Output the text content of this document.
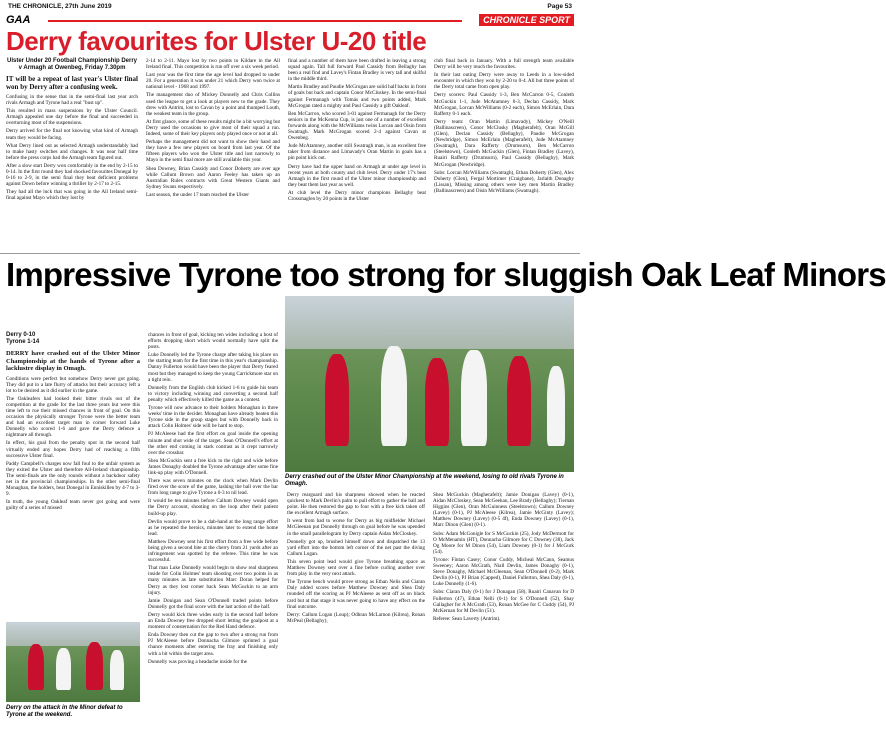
THE CHRONICLE, 27th June 2019	Page 53
GAA	CHRONICLE SPORT
Derry favourites for Ulster U-20 title
Ulster Under 20 Football Championship Derry v Armagh at Owenbeg, Friday 7.30pm
IT will be a repeat of last year's Ulster final won by Derry after a confusing week.

Confusing in the sense that in the semi-final last year arch rivals Armagh and Tyrone had a real "bust up".

This resulted in mass suspensions by the Ulster Council. Armagh appealed one day before the final and succeeded in overturning most of the suspensions.

Derry arrived for the final not knowing what kind of Armagh team they would be facing.

What Derry lined out as selected Armagh understandably had to make hasty switches and changes. It was near half time before the press corps had the Armagh team figured out.

After a slow start Derry won comfortably in the end by 2-15 to 0-14. In the first round they had shocked favourites Donegal by 0-16 to 2-9, in the semi final they beat deficient problems against Down before winning a thriller by 2-17 to 2-15.

They had all the luck that was going in the All Ireland semi-final against Mayo which they lost by

2-14 to 2-11. Mayo lost by two points to Kildare in the All Ireland final. This competition is run off over a six week period.

Last year was the first time the age level had dropped to under 20. For a generation it was under 21 which Derry won twice at national level - 1968 and 1997.

The management duo of Mickey Donnelly and Chris Collins used the league to get a look at players new to the grade. They drew with Antrim, lost to Cavan by a point and thumped Louth, the weakest team in the group.

At first glance, some of these results might be a bit worrying but Derry used the occasions to give most of their squad a run. Indeed, some of their key players only played once or not at all.

Perhaps the management did not want to show their hand and they have a few new players on board from last year. Of the fifteen players who won the Ulster title and lost narrowly to Mayo in the semi final more are still available this year.

Shea Downey, Brian Cassidy and Conor Doherty are over age while Callum Brown and Aaron Feeley has taken up an Australian Rules contracts with Great Western Giants and Sydney Swans respectively.

Last season, the under 17 team reached the Ulster

final and a number of them have been drafted in leaving a strong squad again. Tall full forward Paul Cassidy from Bellaghy has been a real find and Lavey's Fintan Bradley is very tall and skilful in the middle third.

Martin Bradley and Paudie McGrogan are solid half backs in front of goals but back and captain Conor McCluskey. In the semi-final against Fermanagh with Tomás and two points added, Mark McGrogan rated a mighty and Paul Cassidy a gift Oakleaf.

Ben McCarron, who scored 3-01 against Fermanagh for the Derry seniors in the McKenna Cup, is just one of a number of excellent forwards along with the McWilliams twins Lorcan and Oisin from Swatragh. Mark McGrogan scored 2-4 against Cavan at Owenbeg.

Jude McAtamney, another still Swatragh man, is an excellent free taker from distance and Limavady's Oran Martin in goals has a pin point kick out.

Derry have had the upper hand on Armagh at under age level in recent years at both county and club level. Derry under 17's beat Armagh in the first round of the Ulster minor championship and they beat them last year as well.

At club level the Derry minor champions Bellaghy beat Crossmaglen by 20 points in the Ulster

club final back in January. With a full strength team available Derry will be very much the favourites.

In their last outing Derry were away to Leeds in a low-sided encounter in which they won by 2-20 to 0-4. All but three points of the Derry total came from open play.

Derry scorers: Paul Cassidy 1-3, Ben McCarron 0-5, Conleth McGuckin 1-1, Jude McAtamney 0-3, Declan Cassidy, Mark McGrogan, Lorcan McWilliams (0-2 each), Simon McErlain, Dara Rafferty 0-1 each.

Derry team: Oran Martin (Limavady), Mickey O'Neill (Ballinascreen), Conor McClusky (Magherafelt), Oran McGill (Glen), Declan Cassidy (Bellaghy), Paudie McGrogan (Newbridge), Simon McErlain (Magherafelt), Jude McAtamney (Swatragh), Dara Rafferty (Drumsurn), Ben McCarron (Steelstown), Conleth McGuckin (Glen), Fintan Bradley (Lavey), Ruairi Rafferty (Drumsurn), Paul Cassidy (Bellaghy), Mark McGrogan (Newbridge).

Subs: Lorcan McWilliams (Swatragh), Ethan Doherty (Glen), Alex Doherty (Glen), Fergal Mortimer (Craigbane), Jarlaith Donaghy (Lissan), Missing among others were key men Martin Bradley (Ballinascreen) and Oisin McWilliams (Swatragh).

Impressive Tyrone too strong for sluggish Oak Leaf Minors
Derry 0-10
Tyrone 1-14
DERRY have crashed out of the Ulster Minor Championship at the hands of Tyrone after a lacklustre display in Omagh.

Conditions were perfect but somehow Derry never got going. They did put in a late flurry of attacks but their accuracy left a lot to be desired as it did earlier in the game.

The Oakleafers had looked their bitter rivals out of the competition at the grade for the last three years but were this time left to rue their missed chances in front of goal. On this occasion the physically stronger Tyrone were the better team and had an excellent target man in corner forward Luke Donnelly who scored 1-6 and gave the Derry defence a nightmare all through.

In effect, his goal from the penalty spot in the second half virtually ended any hopes Derry had of reaching a fifth successive Ulster final.

Paddy Campbell's charges now fall foul to the unfair system as they exited the Ulster and therefore All-Ireland championship. The semi-finals are the only rounds without a backdoor safety net in the provincial championships. In the other semi-final Monaghan, the holders, beat Donegal in Enniskillen by 4-7 to 3-9.

In truth, the young Oakleaf team never got going and were guilty of a series of missed

Derry on the attack in the Minor defeat to Tyrone at the weekend.

chances in front of goal, kicking ten wides including a host of efforts dropping short which would normally have split the posts.

Luke Donnelly led the Tyrone charge after taking his place on the starting team for the first time in this year's championship. Danny Fullerton would have been the player that Derry feared most but they managed to keep the young Carrickmore star on a tight rein.

Donnelly from the English club kicked 1-6 to guide his team to victory including winning and converting a second half penalty which effectively killed the game as a contest.

Tyrone will now advance to their holders Monaghan in three weeks' time in the decider. Monaghan have already beaten this Tyrone side in the group stages but with Donnelly back in attack Colin Holmes' side will be hard to stop.

PJ McAleese had the first effort on goal inside the opening minute and shot wide of the target. Sean O'Donnell's effort at the other end coming in stark contrast as it crept narrowly over the crossbar.

Shea McGuckin sent a free kick to the right and wide before James Donaghy doubled the Tyrone advantage after some fine link-up play with O'Donnell.

There was seven minutes on the clock when Mark Devlin fired over the score of the game, lashing the ball over the bar from long range to give Tyrone a 0-3 to nil lead.

It would be ten minutes before Callum Downey would open the Derry account, shooting on the loop after their patient build-up play.

Devlin would prove to be a dab-hand at the long range effort as he repeated the heroics, minutes later to extend the home lead.

Matthew Downey sent his first effort from a free wide before being given a second bite at the cherry from 21 yards after an infringement was spotted by the referee. This time he was successful.

That man Luke Donnelly would begin to show real sharpness inside for Colin Holmes' team shooting over two points in as many minutes as late substitution Marc Doran helped for Derry as they lost corner back Sean McGuckin to an arm injury.

Jamie Donigan and Sean O'Donnell traded points before Donnelly got the final score with the last action of the half.

Derry would kick three wides early in the second half before an Enda Downey free dropped short letting the goalpost at a moment of consternation for the Red Hand defence.

Enda Downey then cut the gap to two after a strong run from PJ McAleese before Donnacha Gilmore sprinted a goal chance moments after entering the fray and finishing only with a hit within the target area.

Donnelly was proving a headache inside for the

Derry crashed out of the Ulster Minor Championship at the weekend, losing to old rivals Tyrone in Omagh.

Derry rearguard and his sharpness showed when he reacted quickest to Mark Devlin's palm to pull effort to gather the ball and point. He then restored the gap to four with a free kick taken off the excellent Armagh surface.

It went from bad to worse for Derry as big midfielder Michael McGleenan put Donnelly through on goal before he was upended in the small parallelogram by Derry captain Aidan McCloskey.

Donnelly got up, brushed himself down and dispatched the 13 yard effort into the bottom left corner of the net past the diving Callum Logan.

This seven point lead would give Tyrone breathing space as Matthew Downey sent over a fine before curling another over from play in the very next attack.

The Tyrone bench would prove strong as Ethan Nelis and Ciaran Daly added scores before Matthew Downey and Shea Daly rounded off the scoring as PJ McAleese as sent off as on black card but at that stage it was never going to have any effect on the final outcome.

Derry: Callum Logan (Loup); Odhran McLarnon (Kilrea), Ronan McPeal (Bellaghy),

Shea McGuckin (Magherafelt); Jamie Donigan (Lavey) (0-1), Aidan McCloskey, Sean McGeehan, Lee Brady (Bellaghy); Tiernan Higgins (Glen), Oran McGuinness (Steelstown); Callum Downey (Lavey) (0-1), PJ McAleese (Kilrea), Jamie McGinty (Lavey); Matthew Downey (Lavey) (0-5 4f), Enda Downey (Lavey) (0-1), Marc Dinon (Glen) (0-1).

Subs: Adam McGonigle for S McGuckin (25), Jody McDermott for O McMenamin (HT), Donnacha Gilmore for C Downey (38), Jack Og Moore for M Dinon (54), Liam Downey (0-1) for J McGurk (54).

Tyrone: Fintan Casey; Conor Cuddy, Micheal McCann, Seamus Sweeney; Aaron McGrath, Niall Devlin, James Donaghy (0-1), Steve Donaghy, Michael McGleenan, Sean O'Donnell (0-2), Mark Devlin (0-1), PJ Brian (Capped), Daniel Fullerton, Shea Daly (0-1), Luke Donnelly (1-6).

Subs: Ciaran Daly (0-1) for J Donagan (58), Ruairi Canavan for D Fullerton (47), Ethan Nelli (0-1) for S O'Donnell (52), Shay Gallagher for A McGrath (53), Ronan McGee for C Cuddy (54), PJ McKernan for M Devlin (51).

Referee: Sean Laverty (Antrim).
